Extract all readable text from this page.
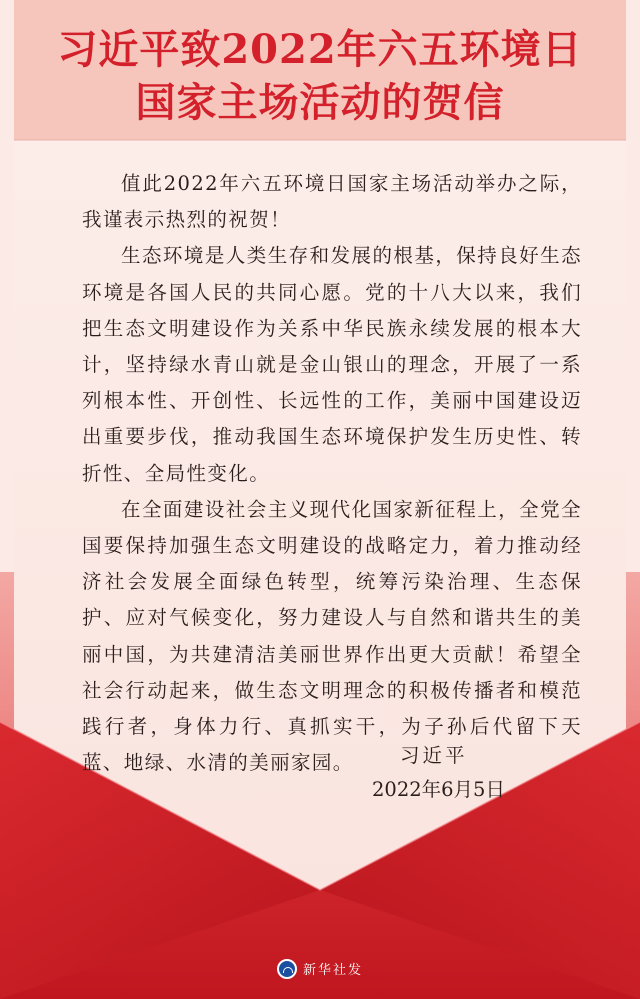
习近平致2022年六五环境日
国家主场活动的贺信

值此2022年六五环境日国家主场活动举办之际，我谨表示热烈的祝贺！

生态环境是人类生存和发展的根基，保持良好生态环境是各国人民的共同心愿。党的十八大以来，我们把生态文明建设作为关系中华民族永续发展的根本大计，坚持绿水青山就是金山银山的理念，开展了一系列根本性、开创性、长远性的工作，美丽中国建设迈出重要步伐，推动我国生态环境保护发生历史性、转折性、全局性变化。

在全面建设社会主义现代化国家新征程上，全党全国要保持加强生态文明建设的战略定力，着力推动经济社会发展全面绿色转型，统筹污染治理、生态保护、应对气候变化，努力建设人与自然和谐共生的美丽中国，为共建清洁美丽世界作出更大贡献！希望全社会行动起来，做生态文明理念的积极传播者和模范践行者，身体力行、真抓实干，为子孙后代留下天蓝、地绿、水清的美丽家园。	习近平
2022年6月5日
新华社发
